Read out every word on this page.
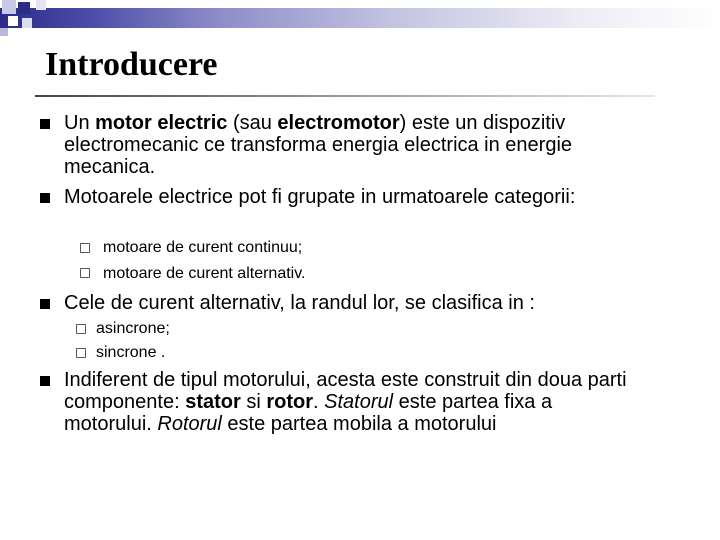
Introducere

Un motor electric (sau electromotor) este un dispozitiv electromecanic ce transforma energia electrica in energie mecanica.

Motoarele electrice pot fi grupate in urmatoarele categorii:

motoare de curent continuu;

motoare de curent alternativ.

Cele de curent alternativ, la randul lor, se clasifica in :

asincrone;

sincrone .

Indiferent de tipul motorului, acesta este construit din doua parti componente: stator si rotor. Statorul este partea fixa a motorului. Rotorul este partea mobila a motorului
